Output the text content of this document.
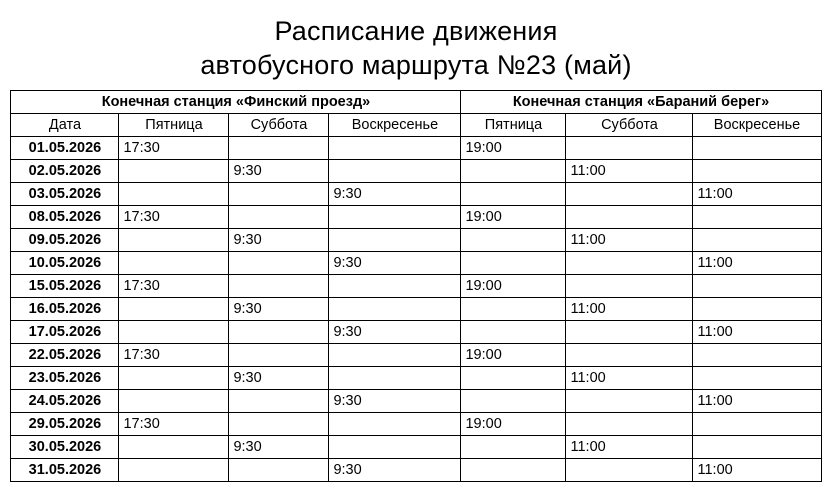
Расписание движения
автобусного маршрута №23 (май)
Конечная станция «Финский проезд»				Конечная станция «Бараний берег»		
Дата	Пятница	Суббота	Воскресенье	Пятница	Суббота	Воскресенье
01.05.2026	17:30			19:00		
02.05.2026		9:30			11:00	
03.05.2026			9:30			11:00
08.05.2026	17:30			19:00		
09.05.2026		9:30			11:00	
10.05.2026			9:30			11:00
15.05.2026	17:30			19:00		
16.05.2026		9:30			11:00	
17.05.2026			9:30			11:00
22.05.2026	17:30			19:00		
23.05.2026		9:30			11:00	
24.05.2026			9:30			11:00
29.05.2026	17:30			19:00		
30.05.2026		9:30			11:00	
31.05.2026			9:30			11:00
